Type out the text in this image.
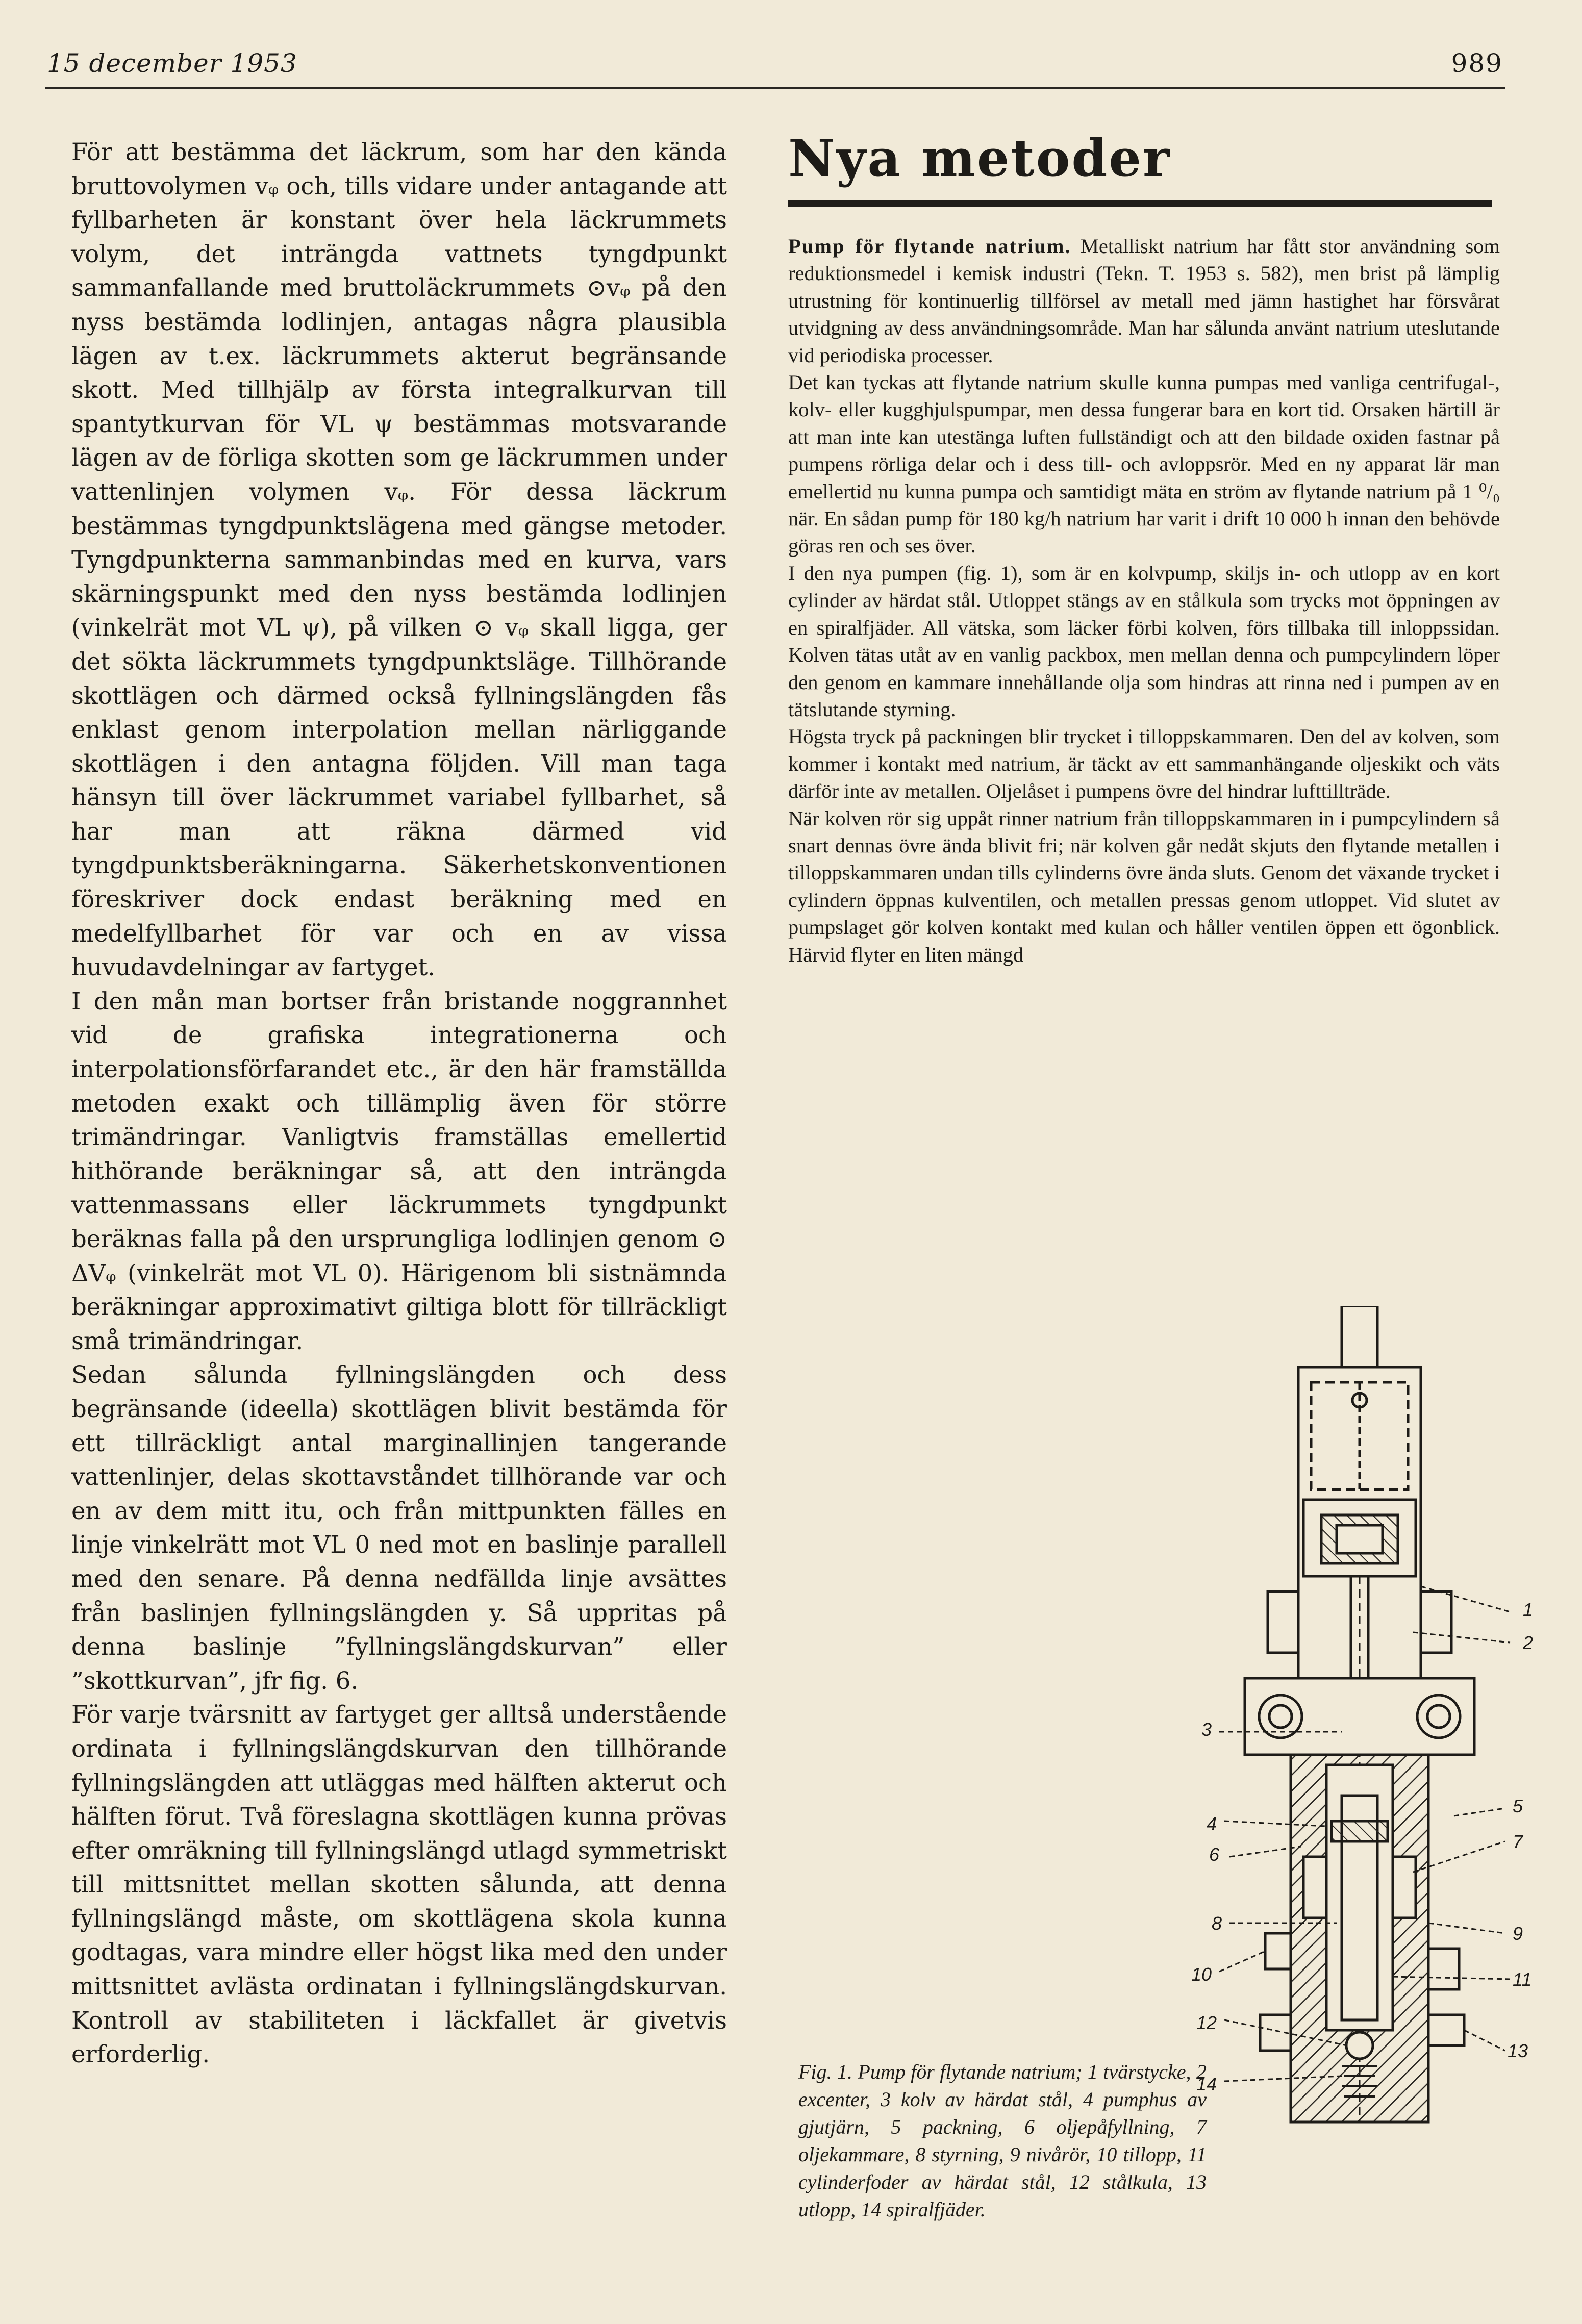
15 december 1953	989

För att bestämma det läckrum, som har den kända bruttovolymen vᵩ och, tills vidare under antagande att fyllbarheten är konstant över hela läckrummets volym, det inträngda vattnets tyngdpunkt sammanfallande med bruttoläckrummets ⊙vᵩ på den nyss bestämda lodlinjen, antagas några plausibla lägen av t.ex. läckrummets akterut begränsande skott. Med tillhjälp av första integralkurvan till spantytkurvan för VL ψ bestämmas motsvarande lägen av de förliga skotten som ge läckrummen under vattenlinjen volymen vᵩ. För dessa läckrum bestämmas tyngdpunktslägena med gängse metoder. Tyngdpunkterna sammanbindas med en kurva, vars skärningspunkt med den nyss bestämda lodlinjen (vinkelrät mot VL ψ), på vilken ⊙ vᵩ skall ligga, ger det sökta läckrummets tyngdpunktsläge. Tillhörande skottlägen och därmed också fyllningslängden fås enklast genom interpolation mellan närliggande skottlägen i den antagna följden. Vill man taga hänsyn till över läckrummet variabel fyllbarhet, så har man att räkna därmed vid tyngdpunktsberäkningarna. Säkerhetskonventionen föreskriver dock endast beräkning med en medelfyllbarhet för var och en av vissa huvudavdelningar av fartyget.

I den mån man bortser från bristande noggrannhet vid de grafiska integrationerna och interpolationsförfarandet etc., är den här framställda metoden exakt och tillämplig även för större trimändringar. Vanligtvis framställas emellertid hithörande beräkningar så, att den inträngda vattenmassans eller läckrummets tyngdpunkt beräknas falla på den ursprungliga lodlinjen genom ⊙ ΔVᵩ (vinkelrät mot VL 0). Härigenom bli sistnämnda beräkningar approximativt giltiga blott för tillräckligt små trimändringar.

Sedan sålunda fyllningslängden och dess begränsande (ideella) skottlägen blivit bestämda för ett tillräckligt antal marginallinjen tangerande vattenlinjer, delas skottavståndet tillhörande var och en av dem mitt itu, och från mittpunkten fälles en linje vinkelrätt mot VL 0 ned mot en baslinje parallell med den senare. På denna nedfällda linje avsättes från baslinjen fyllningslängden y. Så uppritas på denna baslinje ”fyllningslängdskurvan” eller ”skottkurvan”, jfr fig. 6.

För varje tvärsnitt av fartyget ger alltså understående ordinata i fyllningslängdskurvan den tillhörande fyllningslängden att utläggas med hälften akterut och hälften förut. Två föreslagna skottlägen kunna prövas efter omräkning till fyllningslängd utlagd symmetriskt till mittsnittet mellan skotten sålunda, att denna fyllningslängd måste, om skottlägena skola kunna godtagas, vara mindre eller högst lika med den under mittsnittet avlästa ordinatan i fyllningslängdskurvan. Kontroll av stabiliteten i läckfallet är givetvis erforderlig.

Nya metoder

Pump för flytande natrium. Metalliskt natrium har fått stor användning som reduktionsmedel i kemisk industri (Tekn. T. 1953 s. 582), men brist på lämplig utrustning för kontinuerlig tillförsel av metall med jämn hastighet har försvårat utvidgning av dess användningsområde. Man har sålunda använt natrium uteslutande vid periodiska processer.

Det kan tyckas att flytande natrium skulle kunna pumpas med vanliga centrifugal-, kolv- eller kugghjulspumpar, men dessa fungerar bara en kort tid. Orsaken härtill är att man inte kan utestänga luften fullständigt och att den bildade oxiden fastnar på pumpens rörliga delar och i dess till- och avloppsrör. Med en ny apparat lär man emellertid nu kunna pumpa och samtidigt mäta en ström av flytande natrium på 1 ⁰/₀ när. En sådan pump för 180 kg/h natrium har varit i drift 10 000 h innan den behövde göras ren och ses över.

I den nya pumpen (fig. 1), som är en kolvpump, skiljs in- och utlopp av en kort cylinder av härdat stål. Utloppet stängs av en stålkula som trycks mot öppningen av en spiralfjäder. All vätska, som läcker förbi kolven, förs tillbaka till inloppssidan. Kolven tätas utåt av en vanlig packbox, men mellan denna och pumpcylindern löper den genom en kammare innehållande olja som hindras att rinna ned i pumpen av en tätslutande styrning.

Högsta tryck på packningen blir trycket i tilloppskammaren. Den del av kolven, som kommer i kontakt med natrium, är täckt av ett sammanhängande oljeskikt och väts därför inte av metallen. Oljelåset i pumpens övre del hindrar lufttillträde.

När kolven rör sig uppåt rinner natrium från tilloppskammaren in i pumpcylindern så snart dennas övre ända blivit fri; när kolven går nedåt skjuts den flytande metallen i tilloppskammaren undan tills cylinderns övre ända sluts. Genom det växande trycket i cylindern öppnas kulventilen, och metallen pressas genom utloppet. Vid slutet av pumpslaget gör kolven kontakt med kulan och håller ventilen öppen ett ögonblick. Härvid flyter en liten mängd

Fig. 1. Pump för flytande natrium; 1 tvärstycke, 2 excenter, 3 kolv av härdat stål, 4 pumphus av gjutjärn, 5 packning, 6 oljepåfyllning, 7 oljekammare, 8 styrning, 9 nivårör, 10 tillopp, 11 cylinderfoder av härdat stål, 12 stålkula, 13 utlopp, 14 spiralfjäder.
1
2
3
4
5
6
7
8	9
10	11
12
13
14
